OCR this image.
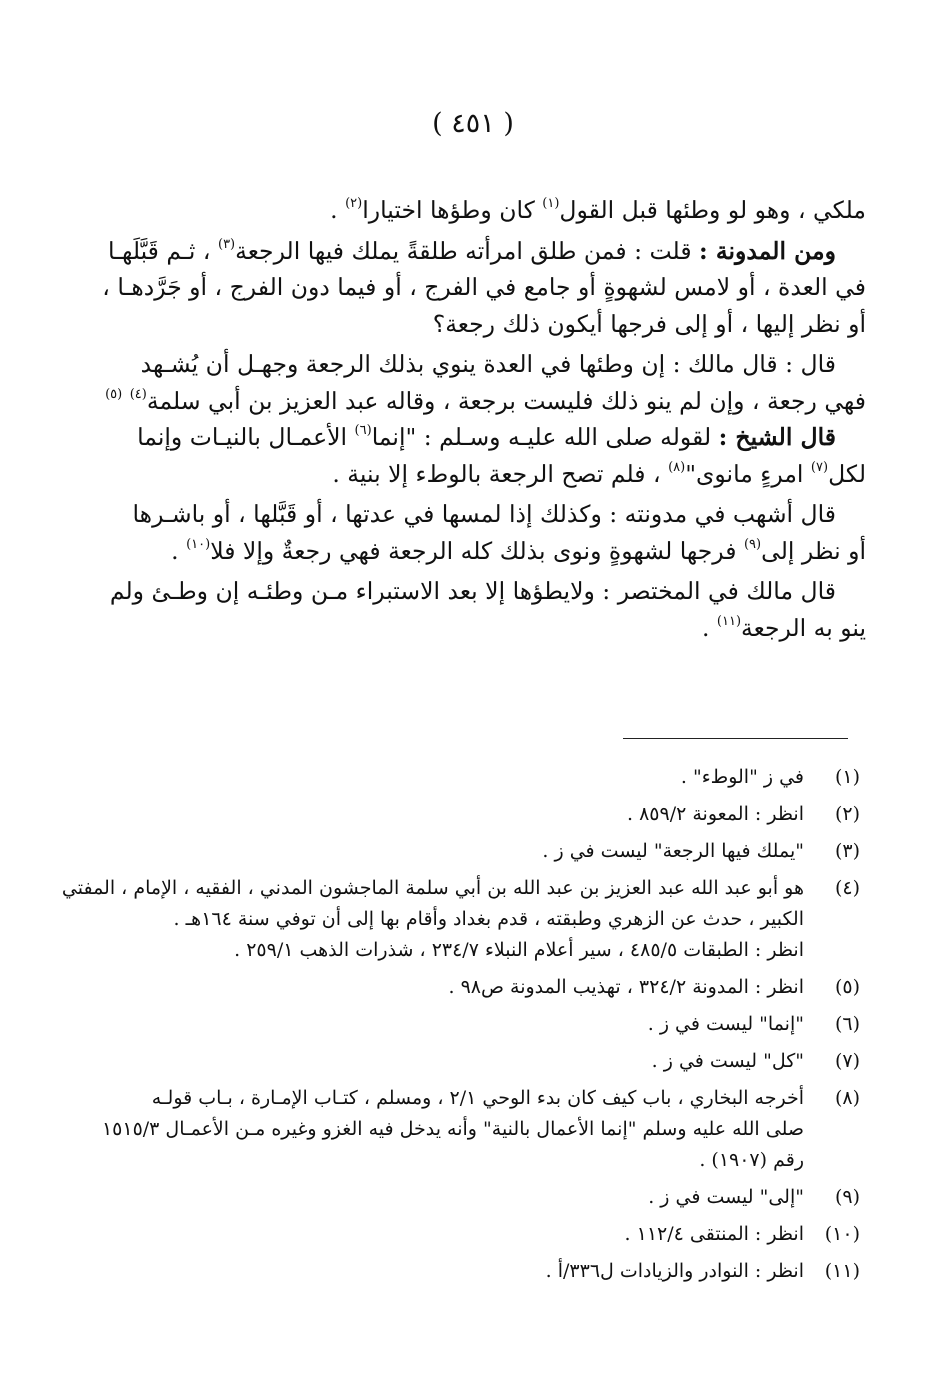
( ٤٥١ )
ملكي ، وهو لو وطئها قبل القول$^{(١)}$ كان وطؤها اختيارا$^{(٢)}$ .
ومن المدونة : قلت : فمن طلق امرأته طلقةً يملك فيها الرجعة$^{(٣)}$ ، ثـم قَبَّلَهـا
في العدة ، أو لامس لشهوةٍ أو جامع في الفرج ، أو فيما دون الفرج ، أو جَرَّدهـا ،
أو نظر إليها ، أو إلى فرجها أيكون ذلك رجعة؟
قال : قال مالك : إن وطئها في العدة ينوي بذلك الرجعة وجهـل أن يُشـهد
فهي رجعة ، وإن لم ينو ذلك فليست برجعة ، وقاله عبد العزيز بن أبي سلمة$^{(٤)}$ $^{(٥)}$
قال الشيخ : لقوله صلى الله عليـه وسـلم : "إنما$^{(٦)}$ الأعمـال بالنيـات وإنما
لكل$^{(٧)}$ امرءٍ مانوى"$^{(٨)}$ ، فلم تصح الرجعة بالوطء إلا بنية .
قال أشهب في مدونته : وكذلك إذا لمسها في عدتها ، أو قَبَّلها ، أو باشـرها
أو نظر إلى$^{(٩)}$ فرجها لشهوةٍ ونوى بذلك كله الرجعة فهي رجعةٌ وإلا فلا$^{(١٠)}$ .
قال مالك في المختصر : ولايطؤها إلا بعد الاستبراء مـن وطئـه إن وطـئ ولم
ينو به الرجعة$^{(١١)}$ .
(١)
في ز "الوطء" .
(٢)
انظر : المعونة ٨٥٩/٢ .
(٣)
"يملك فيها الرجعة" ليست في ز .
(٤)
هو أبو عبد الله عبد العزيز بن عبد الله بن أبي سلمة الماجشون المدني ، الفقيه ، الإمام ، المفتي
الكبير ، حدث عن الزهري وطبقته ، قدم بغداد وأقام بها إلى أن توفي سنة ١٦٤هـ .
انظر : الطبقات ٤٨٥/٥ ، سير أعلام النبلاء ٢٣٤/٧ ، شذرات الذهب ٢٥٩/١ .
(٥)
انظر : المدونة ٣٢٤/٢ ، تهذيب المدونة ص٩٨ .
(٦)
"إنما" ليست في ز .
(٧)
"كل" ليست في ز .
(٨)
أخرجه البخاري ، باب كيف كان بدء الوحي ٢/١ ، ومسلم ، كتـاب الإمـارة ، بـاب قولـه
صلى الله عليه وسلم "إنما الأعمال بالنية" وأنه يدخل فيه الغزو وغيره مـن الأعمـال ١٥١٥/٣
رقم (١٩٠٧) .
(٩)
"إلى" ليست في ز .
(١٠)
انظر : المنتقى ١١٢/٤ .
(١١)
انظر : النوادر والزيادات ل٣٣٦/أ .
